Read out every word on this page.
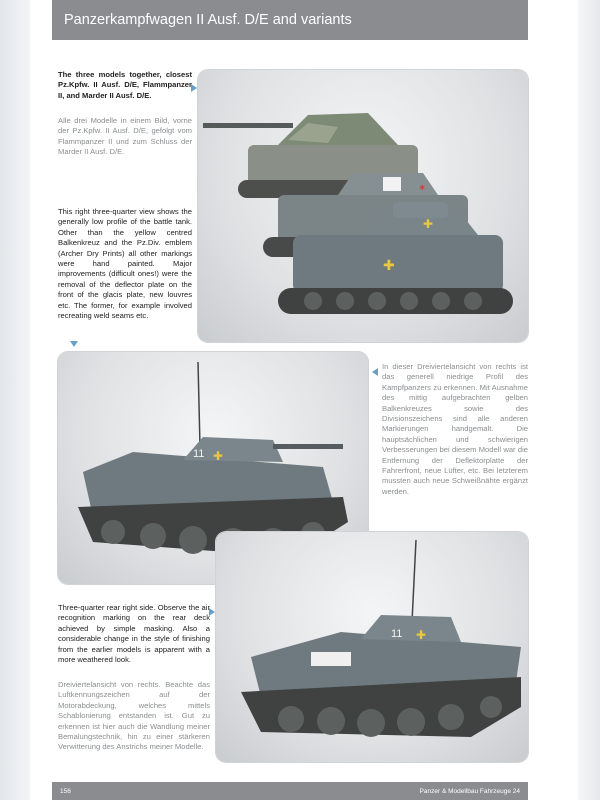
Panzerkampfwagen II Ausf. D/E and variants

The three models together, closest Pz.Kpfw. II Ausf. D/E, Flammpanzer II, and Marder II Ausf. D/E.

Alle drei Modelle in einem Bild, vorne der Pz.Kpfw. II Ausf. D/E, gefolgt vom Flammpanzer II und zum Schluss der Marder II Ausf. D/E.

✶
✚
✚

This right three-quarter view shows the generally low profile of the battle tank. Other than the yellow centred Balkenkreuz and the Pz.Div. emblem (Archer Dry Prints) all other markings were hand painted. Major improvements (difficult ones!) were the removal of the deflector plate on the front of the glacis plate, new louvres etc. The former, for example involved recreating weld seams etc.

11 ✚

In dieser Dreiviertelansicht von rechts ist das generell niedrige Profil des Kampfpanzers zu erkennen. Mit Ausnahme des mittig aufgebrachten gelben Balkenkreuzes sowie des Divisionszeichens sind alle anderen Markierungen handgemalt. Die hauptsächlichen und schwierigen Verbesserungen bei diesem Modell war die Entfernung der Deflektorplatte der Fahrerfront, neue Lüfter, etc. Bei letzterem mussten auch neue Schweißnähte ergänzt werden.

Three-quarter rear right side. Observe the air recognition marking on the rear deck achieved by simple masking. Also a considerable change in the style of finishing from the earlier models is apparent with a more weathered look.

Dreiviertelansicht von rechts. Beachte das Luftkennungszeichen auf der Motorabdeckung, welches mittels Schablonierung entstanden ist. Gut zu erkennen ist hier auch die Wandlung meiner Bemalungstechnik, hin zu einer stärkeren Verwitterung des Anstrichs meiner Modelle.

11 ✚
156	Panzer & Modellbau Fahrzeuge 24
